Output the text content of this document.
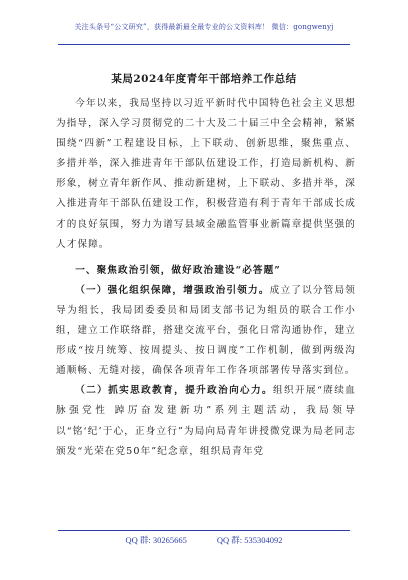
关注头条号“公文研究”，获得最新最全最专业的公文资料库！ 微信：gongwenyj
某局2024年度青年干部培养工作总结

今年以来，我局坚持以习近平新时代中国特色社会主义思想为指导，深入学习贯彻党的二十大及二十届三中全会精神，紧紧围绕“四新”工程建设目标，上下联动、创新思维，聚焦重点、多措并举，深入推进青年干部队伍建设工作，打造局新机构、新形象，树立青年新作风、推动新建树，上下联动、多措并举，深入推进青年干部队伍建设工作，积极营造有利于青年干部成长成才的良好氛围，努力为谱写县域金融监管事业新篇章提供坚强的人才保障。

一、聚焦政治引领，做好政治建设“必答题”

（一）强化组织保障，增强政治引领力。成立了以分管局领导为组长，我局团委委员和局团支部书记为组员的联合工作小组，建立工作联络群，搭建交流平台，强化日常沟通协作，建立形成“按月统筹、按周提头、按日调度”工作机制，做到两级沟通顺畅、无缝对接，确保各项青年工作各项部署传导落实到位。

（二）抓实思政教育，提升政治向心力。组织开展“赓续血脉强党性 踔厉奋发建新功”系列主题活动，我局领导以“铭‘纪’于心，正身立行”为局向局青年讲授微党课为局老同志颁发“光荣在党50年”纪念章，组织局青年党

QQ 群: 30265665	QQ 群: 535304092
